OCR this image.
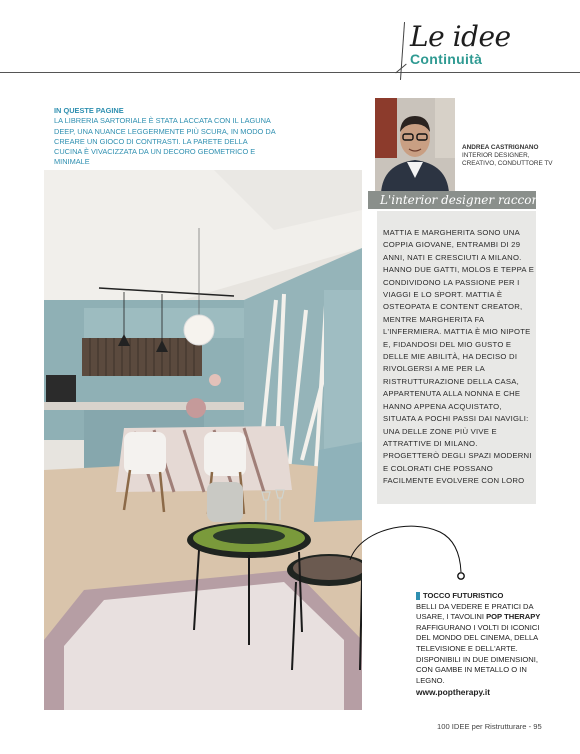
Le idee
Continuità
IN QUESTE PAGINE
LA LIBRERIA SARTORIALE È STATA LACCATA CON IL LAGUNA DEEP, UNA NUANCE LEGGERMENTE PIÙ SCURA, IN MODO DA CREARE UN GIOCO DI CONTRASTI. LA PARETE DELLA CUCINA È VIVACIZZATA DA UN DECORO GEOMETRICO E MINIMALE
ANDREA CASTRIGNANO INTERIOR DESIGNER, CREATIVO, CONDUTTORE TV
L'interior designer racconta
MATTIA E MARGHERITA SONO UNA COPPIA GIOVANE, ENTRAMBI DI 29 ANNI, NATI E CRESCIUTI A MILANO. HANNO DUE GATTI, MOLOS E TEPPA E CONDIVIDONO LA PASSIONE PER I VIAGGI E LO SPORT. MATTIA È OSTEOPATA E CONTENT CREATOR, MENTRE MARGHERITA FA L'INFERMIERA. MATTIA È MIO NIPOTE E, FIDANDOSI DEL MIO GUSTO E DELLE MIE ABILITÀ, HA DECISO DI RIVOLGERSI A ME PER LA RISTRUTTURAZIONE DELLA CASA, APPARTENUTA ALLA NONNA E CHE HANNO APPENA ACQUISTATO, SITUATA A POCHI PASSI DAI NAVIGLI: UNA DELLE ZONE PIÙ VIVE E ATTRATTIVE DI MILANO. PROGETTERÒ DEGLI SPAZI MODERNI E COLORATI CHE POSSANO FACILMENTE EVOLVERE CON LORO
TOCCO FUTURISTICO
BELLI DA VEDERE E PRATICI DA USARE, I TAVOLINI POP THERAPY RAFFIGURANO I VOLTI DI ICONICI DEL MONDO DEL CINEMA, DELLA TELEVISIONE E DELL'ARTE. DISPONIBILI IN DUE DIMENSIONI, CON GAMBE IN METALLO O IN LEGNO.
www.poptherapy.it
100 IDEE per Ristrutturare - 95
